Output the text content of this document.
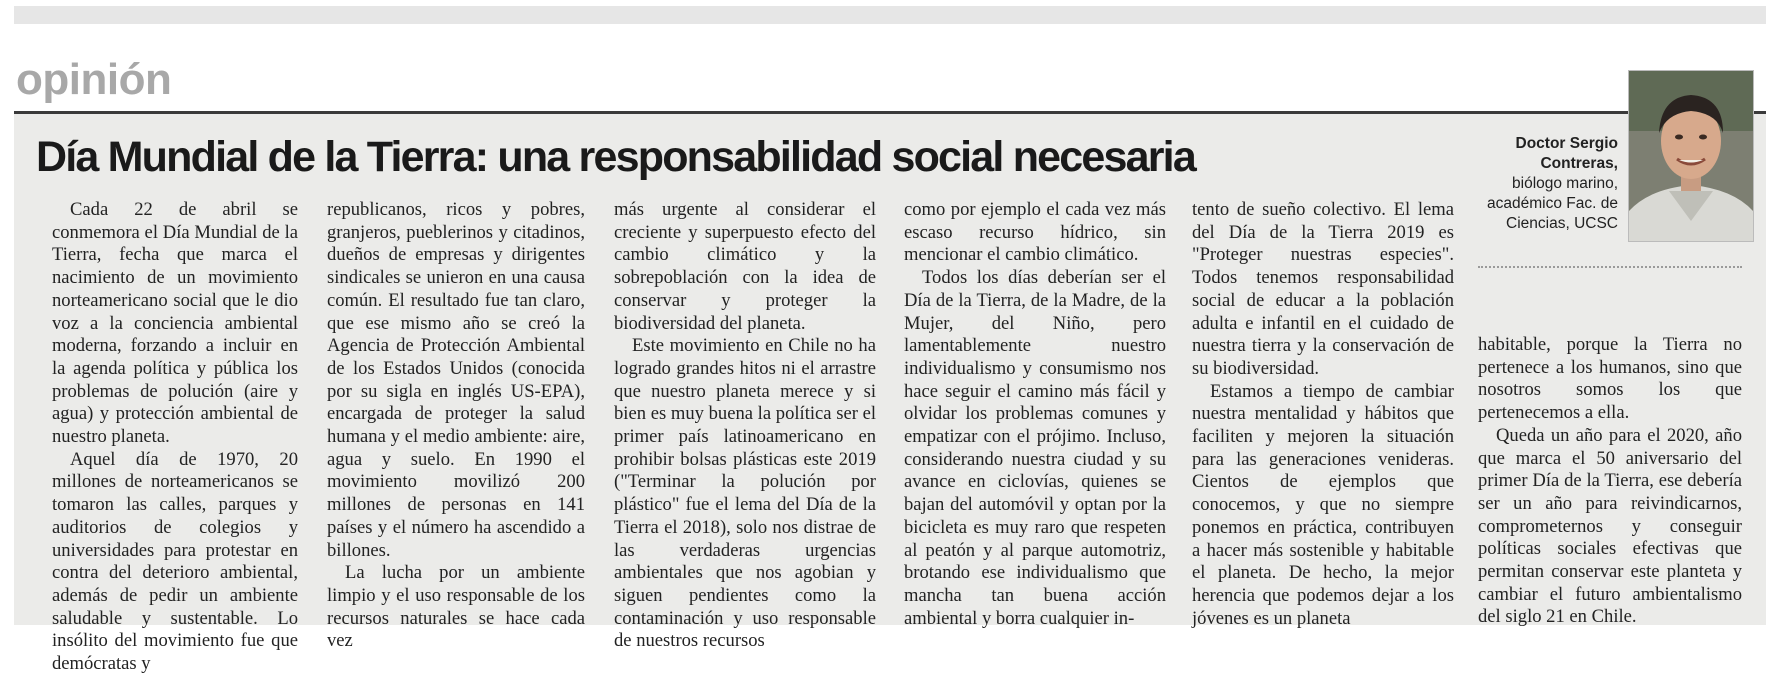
opinión
Día Mundial de la Tierra: una responsabilidad social necesaria

Cada 22 de abril se conmemora el Día Mundial de la Tierra, fecha que marca el nacimiento de un movimiento norteamericano social que le dio voz a la conciencia ambiental moderna, forzando a incluir en la agenda política y pública los problemas de polución (aire y agua) y protección ambiental de nuestro planeta.

Aquel día de 1970, 20 millones de norteamericanos se tomaron las calles, parques y auditorios de colegios y universidades para protestar en contra del deterioro ambiental, además de pedir un ambiente saludable y sustentable. Lo insólito del movimiento fue que demócratas y

republicanos, ricos y pobres, granjeros, pueblerinos y citadinos, dueños de empresas y dirigentes sindicales se unieron en una causa común. El resultado fue tan claro, que ese mismo año se creó la Agencia de Protección Ambiental de los Estados Unidos (conocida por su sigla en inglés US-EPA), encargada de proteger la salud humana y el medio ambiente: aire, agua y suelo. En 1990 el movimiento movilizó 200 millones de personas en 141 países y el número ha ascendido a billones.

La lucha por un ambiente limpio y el uso responsable de los recursos naturales se hace cada vez

más urgente al considerar el creciente y superpuesto efecto del cambio climático y la sobrepoblación con la idea de conservar y proteger la biodiversidad del planeta.

Este movimiento en Chile no ha logrado grandes hitos ni el arrastre que nuestro planeta merece y si bien es muy buena la política ser el primer país latinoamericano en prohibir bolsas plásticas este 2019 ("Terminar la polución por plástico" fue el lema del Día de la Tierra el 2018), solo nos distrae de las verdaderas urgencias ambientales que nos agobian y siguen pendientes como la contaminación y uso responsable de nuestros recursos

como por ejemplo el cada vez más escaso recurso hídrico, sin mencionar el cambio climático.

Todos los días deberían ser el Día de la Tierra, de la Madre, de la Mujer, del Niño, pero lamentablemente nuestro individualismo y consumismo nos hace seguir el camino más fácil y olvidar los problemas comunes y empatizar con el prójimo. Incluso, considerando nuestra ciudad y su avance en ciclovías, quienes se bajan del automóvil y optan por la bicicleta es muy raro que respeten al peatón y al parque automotriz, brotando ese individualismo que mancha tan buena acción ambiental y borra cualquier in-

tento de sueño colectivo. El lema del Día de la Tierra 2019 es "Proteger nuestras especies". Todos tenemos responsabilidad social de educar a la población adulta e infantil en el cuidado de nuestra tierra y la conservación de su biodiversidad.

Estamos a tiempo de cambiar nuestra mentalidad y hábitos que faciliten y mejoren la situación para las generaciones venideras. Cientos de ejemplos que conocemos, y que no siempre ponemos en práctica, contribuyen a hacer más sostenible y habitable el planeta. De hecho, la mejor herencia que podemos dejar a los jóvenes es un planeta

habitable, porque la Tierra no pertenece a los humanos, sino que nosotros somos los que pertenecemos a ella.

Queda un año para el 2020, año que marca el 50 aniversario del primer Día de la Tierra, ese debería ser un año para reivindicarnos, comprometernos y conseguir políticas sociales efectivas que permitan conservar este planteta y cambiar el futuro ambientalismo del siglo 21 en Chile.

Doctor Sergio Contreras,
biólogo marino, académico Fac. de Ciencias, UCSC
